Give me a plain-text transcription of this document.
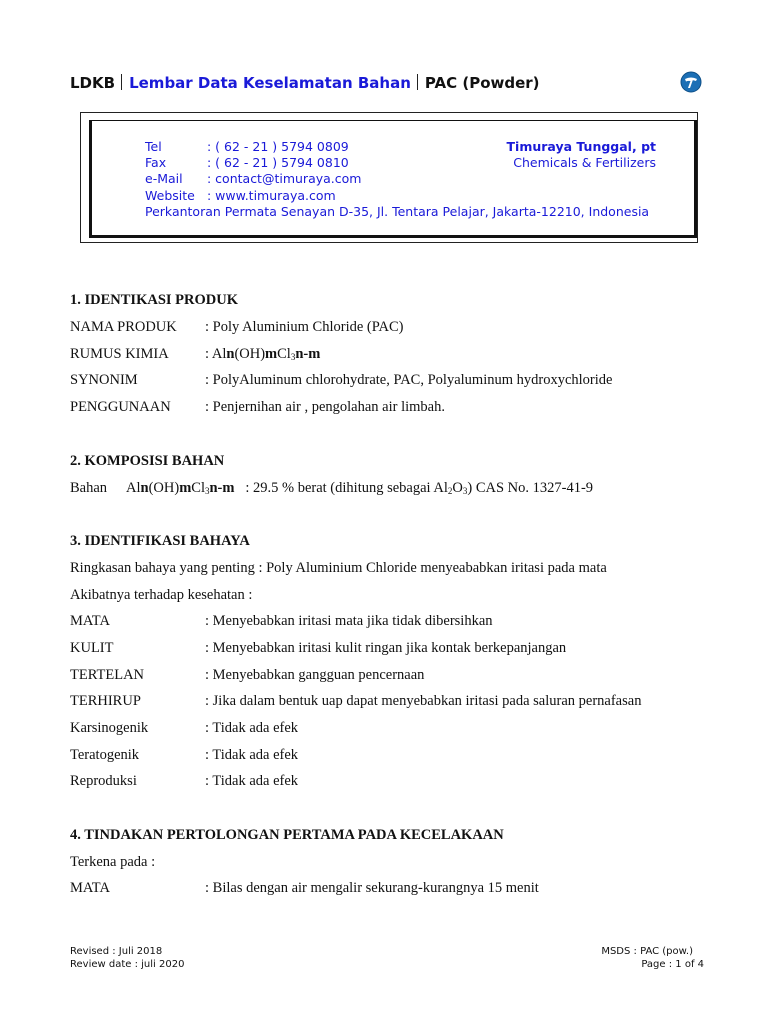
LDKB Lembar Data Keselamatan Bahan PAC (Powder)
Tel	: ( 62 - 21 ) 5794 0809
Fax	: ( 62 - 21 ) 5794 0810
e-Mail : contact@timuraya.com
Website : www.timuraya.com
Perkantoran Permata Senayan D-35, Jl. Tentara Pelajar, Jakarta-12210, Indonesia
Timuraya Tunggal, pt
Chemicals & Fertilizers
1. IDENTIKASI PRODUK
NAMA PRODUK : Poly Aluminium Chloride (PAC)
RUMUS KIMIA	: Aln(OH)mCl$_3$n-m
SYNONIM	: PolyAluminum chlorohydrate, PAC, Polyaluminum hydroxychloride
PENGGUNAAN : Penjernihan air , pengolahan air limbah.
2. KOMPOSISI BAHAN
Bahan Aln(OH)mCl$_3$n-m : 29.5 % berat (dihitung sebagai $Al_2O_3$) CAS No. 1327-41-9
3. IDENTIFIKASI BAHAYA
Ringkasan bahaya yang penting : Poly Aluminium Chloride menyeababkan iritasi pada mata
Akibatnya terhadap kesehatan :
MATA	: Menyebabkan iritasi mata jika tidak dibersihkan
KULIT	: Menyebabkan iritasi kulit ringan jika kontak berkepanjangan
TERTELAN	: Menyebabkan gangguan pencernaan
TERHIRUP	: Jika dalam bentuk uap dapat menyebabkan iritasi pada saluran pernafasan
Karsinogenik	: Tidak ada efek
Teratogenik	: Tidak ada efek
Reproduksi	: Tidak ada efek
4. TINDAKAN PERTOLONGAN PERTAMA PADA KECELAKAAN
Terkena pada :
MATA	: Bilas dengan air mengalir sekurang-kurangnya 15 menit
Revised : Juli 2018
Review date : juli 2020
MSDS : PAC (pow.)
Page : 1 of 4
